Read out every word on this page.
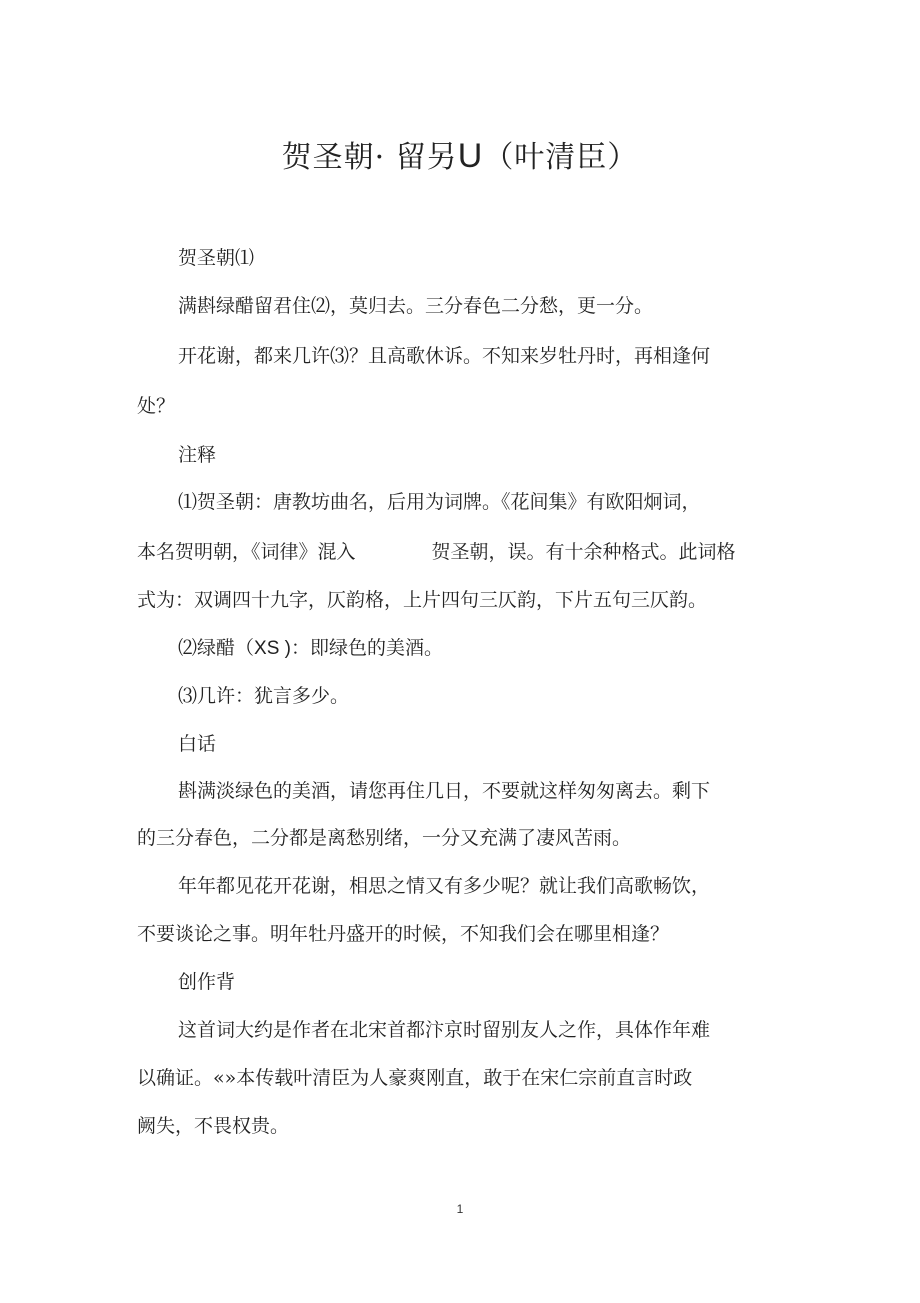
贺圣朝· 留另U（叶清臣）
贺圣朝⑴
满斟绿醋留君住⑵，莫归去。三分春色二分愁，更一分。
开花谢，都来几许⑶？且高歌休诉。不知来岁牡丹时，再相逢何
处？
注释
⑴贺圣朝：唐教坊曲名，后用为词牌。《花间集》有欧阳炯词，
本名贺明朝，《词律》混入	贺圣朝，误。有十余种格式。此词格
式为：双调四十九字，仄韵格，上片四句三仄韵，下片五句三仄韵。
⑵绿醋（XS )：即绿色的美酒。
⑶几许：犹言多少。
白话
斟满淡绿色的美酒，请您再住几日，不要就这样匆匆离去。剩下
的三分春色，二分都是离愁别绪，一分又充满了凄风苦雨。
年年都见花开花谢，相思之情又有多少呢？就让我们高歌畅饮，
不要谈论之事。明年牡丹盛开的时候，不知我们会在哪里相逢？
创作背
这首词大约是作者在北宋首都汴京时留别友人之作，具体作年难
以确证。«»本传载叶清臣为人豪爽刚直，敢于在宋仁宗前直言时政
阙失，不畏权贵。
1
